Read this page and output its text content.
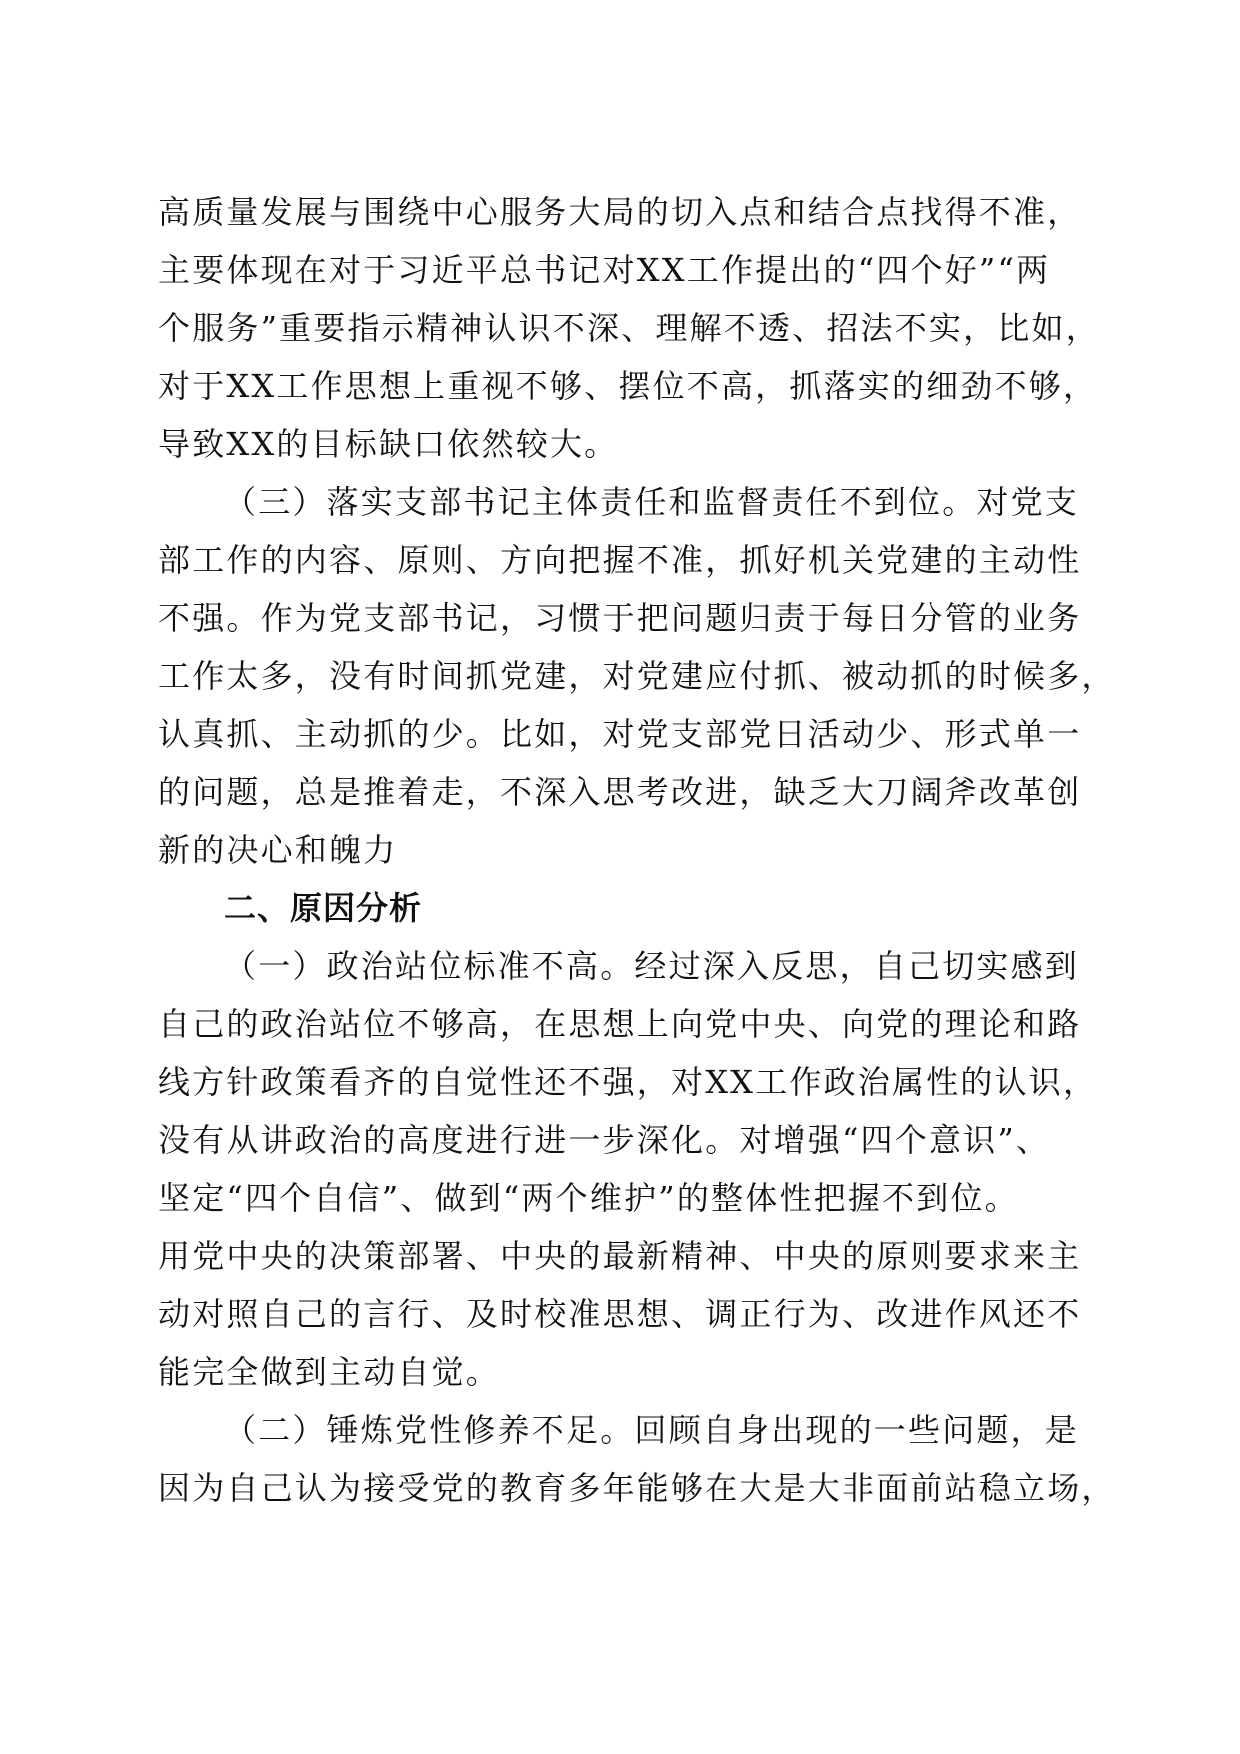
高质量发展与围绕中心服务大局的切入点和结合点找得不准，
主要体现在对于习近平总书记对XX工作提出的“四个好”“两
个服务”重要指示精神认识不深、理解不透、招法不实，比如，
对于XX工作思想上重视不够、摆位不高，抓落实的细劲不够，
导致XX的目标缺口依然较大。
（三）落实支部书记主体责任和监督责任不到位。对党支
部工作的内容、原则、方向把握不准，抓好机关党建的主动性
不强。作为党支部书记，习惯于把问题归责于每日分管的业务
工作太多，没有时间抓党建，对党建应付抓、被动抓的时候多，
认真抓、主动抓的少。比如，对党支部党日活动少、形式单一
的问题，总是推着走，不深入思考改进，缺乏大刀阔斧改革创
新的决心和魄力
二、原因分析
（一）政治站位标准不高。经过深入反思，自己切实感到
自己的政治站位不够高，在思想上向党中央、向党的理论和路
线方针政策看齐的自觉性还不强，对XX工作政治属性的认识，
没有从讲政治的高度进行进一步深化。对增强“四个意识”、
坚定“四个自信”、做到“两个维护”的整体性把握不到位。
用党中央的决策部署、中央的最新精神、中央的原则要求来主
动对照自己的言行、及时校准思想、调正行为、改进作风还不
能完全做到主动自觉。
（二）锤炼党性修养不足。回顾自身出现的一些问题，是
因为自己认为接受党的教育多年能够在大是大非面前站稳立场，
